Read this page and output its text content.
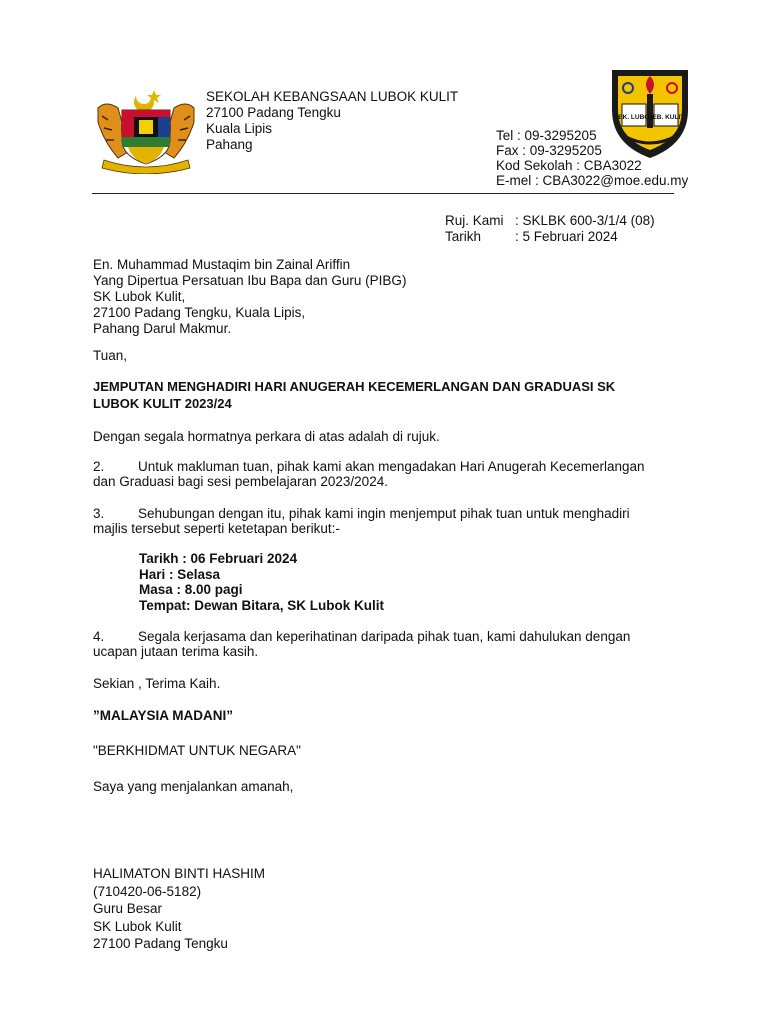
SEKOLAH KEBANGSAAN LUBOK KULIT
27100 Padang Tengku
Kuala Lipis
Pahang
SEK. LUBOK
KEB. KULIT
Tel : 09-3295205
Fax : 09-3295205
Kod Sekolah : CBA3022
E-mel : CBA3022@moe.edu.my
Ruj. Kami : SKLBK 600-3/1/4 (08)
Tarikh	: 5 Februari 2024
En. Muhammad Mustaqim bin Zainal Ariffin
Yang Dipertua Persatuan Ibu Bapa dan Guru (PIBG)
SK Lubok Kulit,
27100 Padang Tengku, Kuala Lipis,
Pahang Darul Makmur.
Tuan,
JEMPUTAN MENGHADIRI HARI ANUGERAH KECEMERLANGAN DAN GRADUASI SK
LUBOK KULIT 2023/24
Dengan segala hormatnya perkara di atas adalah di rujuk.
2. Untuk makluman tuan, pihak kami akan mengadakan Hari Anugerah Kecemerlangan
dan Graduasi bagi sesi pembelajaran 2023/2024.
3. Sehubungan dengan itu, pihak kami ingin menjemput pihak tuan untuk menghadiri
majlis tersebut seperti ketetapan berikut:-
Tarikh : 06 Februari 2024
Hari : Selasa
Masa : 8.00 pagi
Tempat: Dewan Bitara, SK Lubok Kulit
4. Segala kerjasama dan keperihatinan daripada pihak tuan, kami dahulukan dengan
ucapan jutaan terima kasih.
Sekian , Terima Kaih.
”MALAYSIA MADANI”
"BERKHIDMAT UNTUK NEGARA"
Saya yang menjalankan amanah,
HALIMATON BINTI HASHIM
(710420-06-5182)
Guru Besar
SK Lubok Kulit
27100 Padang Tengku
